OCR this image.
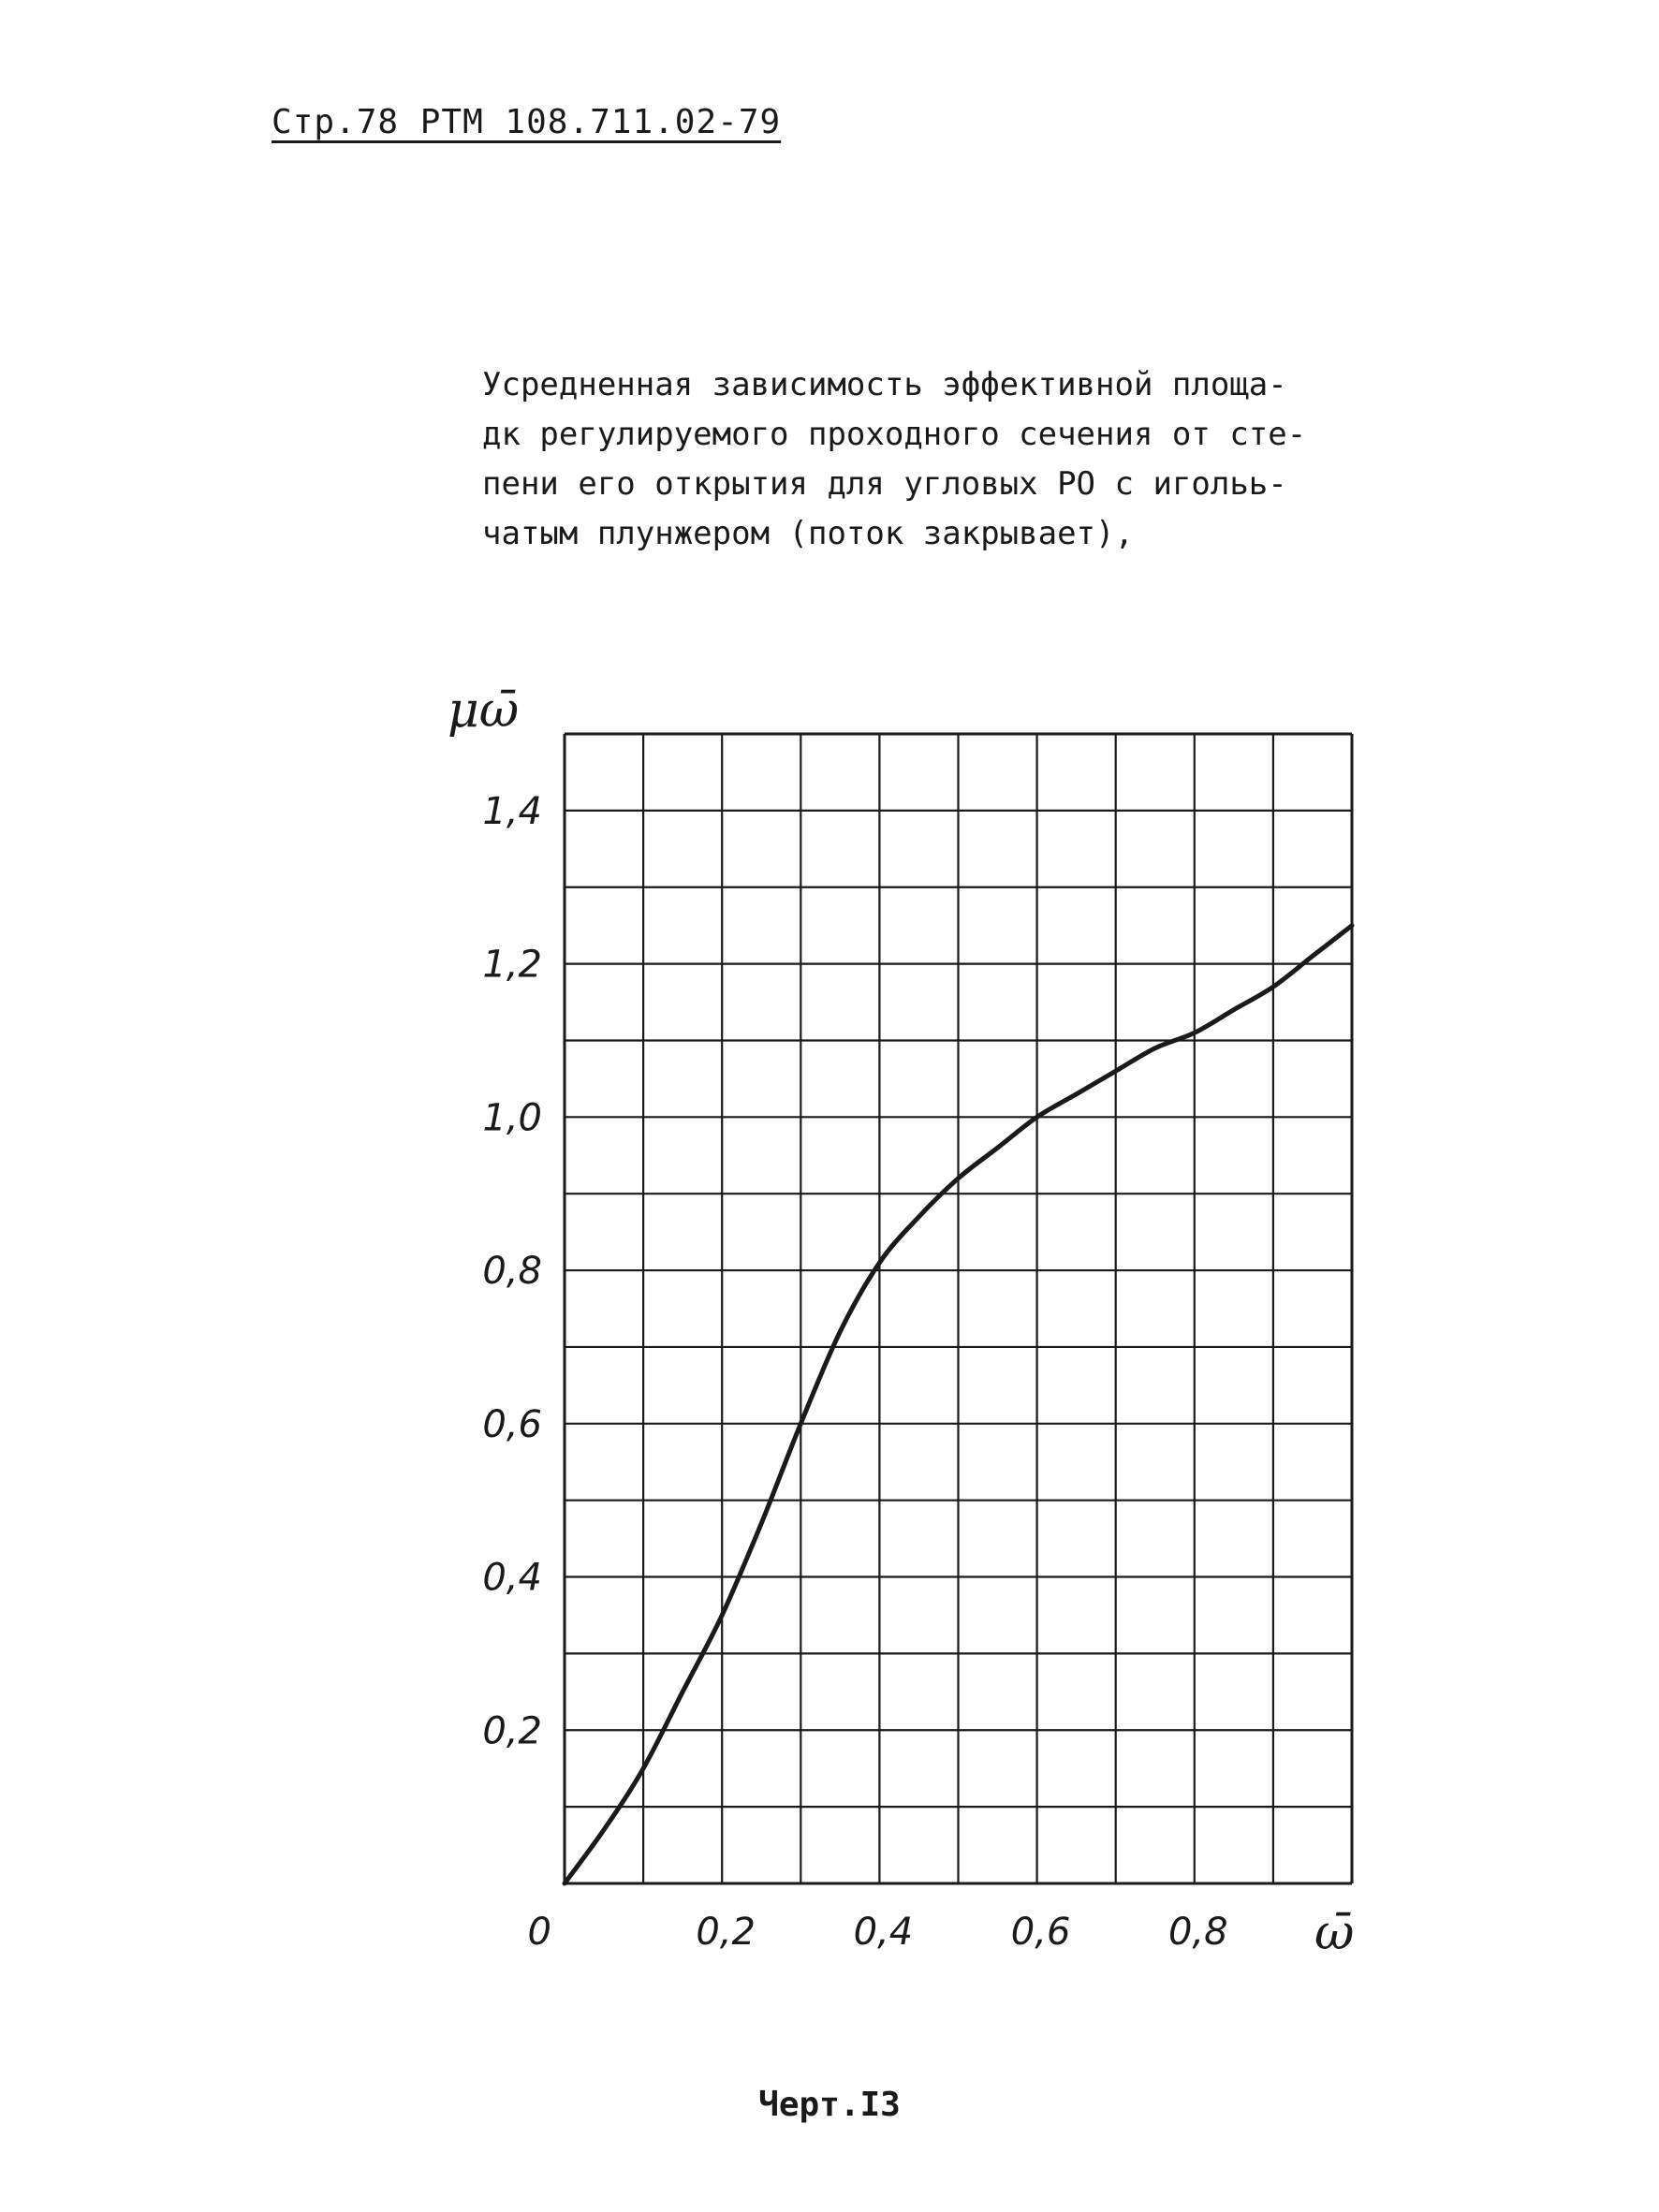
Стр.78 РТМ 108.711.02-79
Усредненная зависимость эффективной площа-
дк регулируемого проходного сечения от сте-
пени его открытия для угловых РО с игольь-
чатым плунжером (поток закрывает),
0	0,2	0,4	0,6	0,8
0,2
0,4
0,6
0,8
1,0
1,2
1,4
μω̄
ω̄
Черт.I3
